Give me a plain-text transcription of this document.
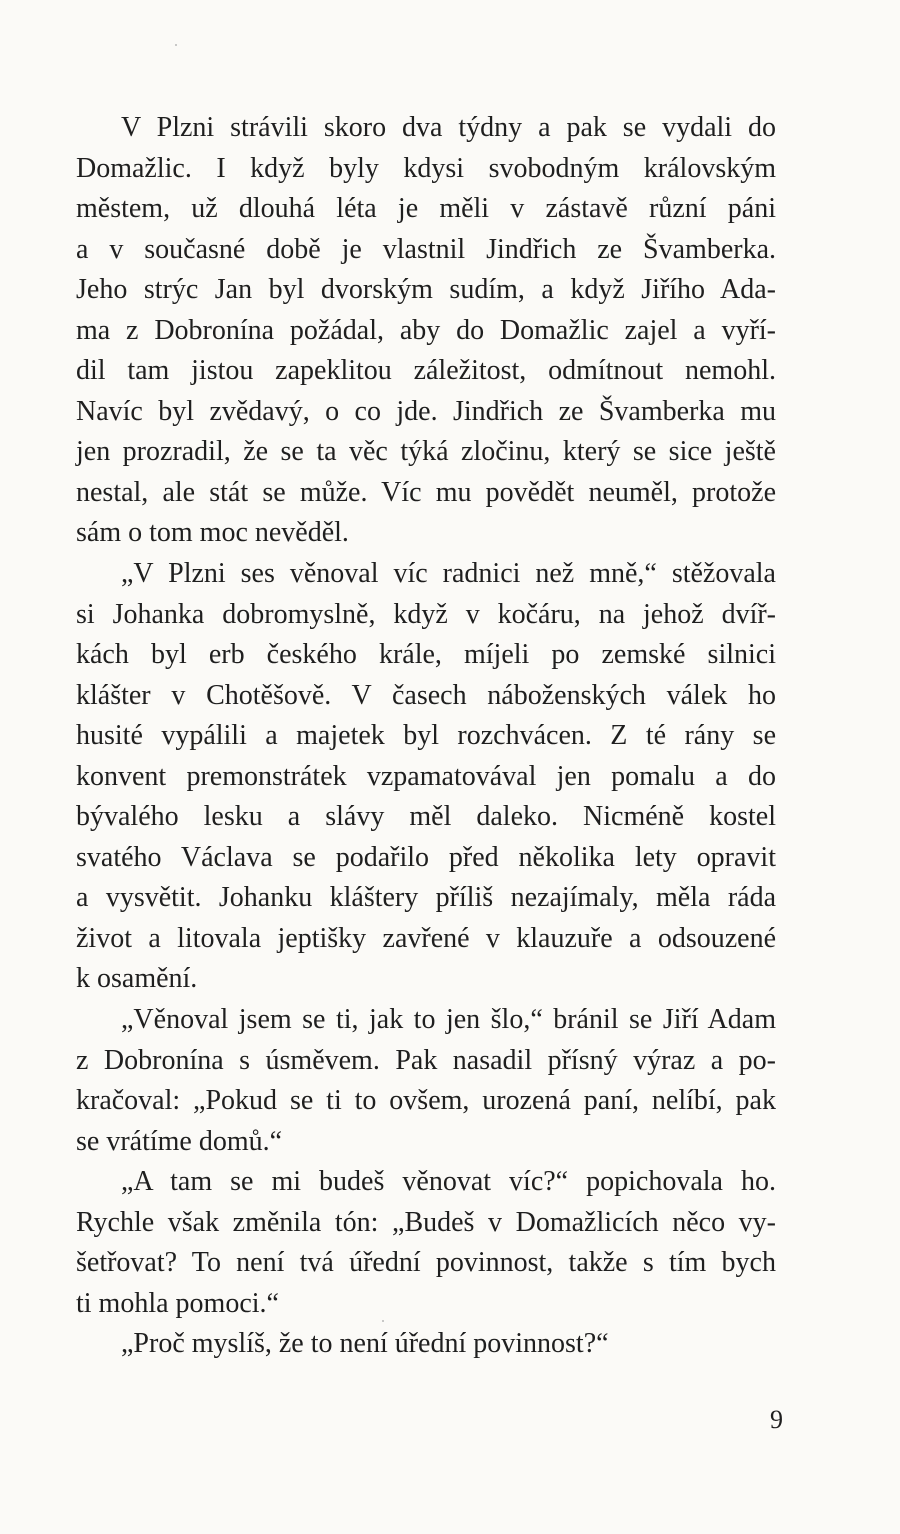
V Plzni strávili skoro dva týdny a pak se vydali do
Domažlic. I když byly kdysi svobodným královským
městem, už dlouhá léta je měli v zástavě různí páni
a v současné době je vlastnil Jindřich ze Švamberka.
Jeho strýc Jan byl dvorským sudím, a když Jiřího Ada-
ma z Dobronína požádal, aby do Domažlic zajel a vyří-
dil tam jistou zapeklitou záležitost, odmítnout nemohl.
Navíc byl zvědavý, o co jde. Jindřich ze Švamberka mu
jen prozradil, že se ta věc týká zločinu, který se sice ještě
nestal, ale stát se může. Víc mu povědět neuměl, protože
sám o tom moc nevěděl.
„V Plzni ses věnoval víc radnici než mně,“ stěžovala
si Johanka dobromyslně, když v kočáru, na jehož dvíř-
kách byl erb českého krále, míjeli po zemské silnici
klášter v Chotěšově. V časech náboženských válek ho
husité vypálili a majetek byl rozchvácen. Z té rány se
konvent premonstrátek vzpamatovával jen pomalu a do
bývalého lesku a slávy měl daleko. Nicméně kostel
svatého Václava se podařilo před několika lety opravit
a vysvětit. Johanku kláštery příliš nezajímaly, měla ráda
život a litovala jeptišky zavřené v klauzuře a odsouzené
k osamění.
„Věnoval jsem se ti, jak to jen šlo,“ bránil se Jiří Adam
z Dobronína s úsměvem. Pak nasadil přísný výraz a po-
kračoval: „Pokud se ti to ovšem, urozená paní, nelíbí, pak
se vrátíme domů.“
„A tam se mi budeš věnovat víc?“ popichovala ho.
Rychle však změnila tón: „Budeš v Domažlicích něco vy-
šetřovat? To není tvá úřední povinnost, takže s tím bych
ti mohla pomoci.“
„Proč myslíš, že to není úřední povinnost?“
9
